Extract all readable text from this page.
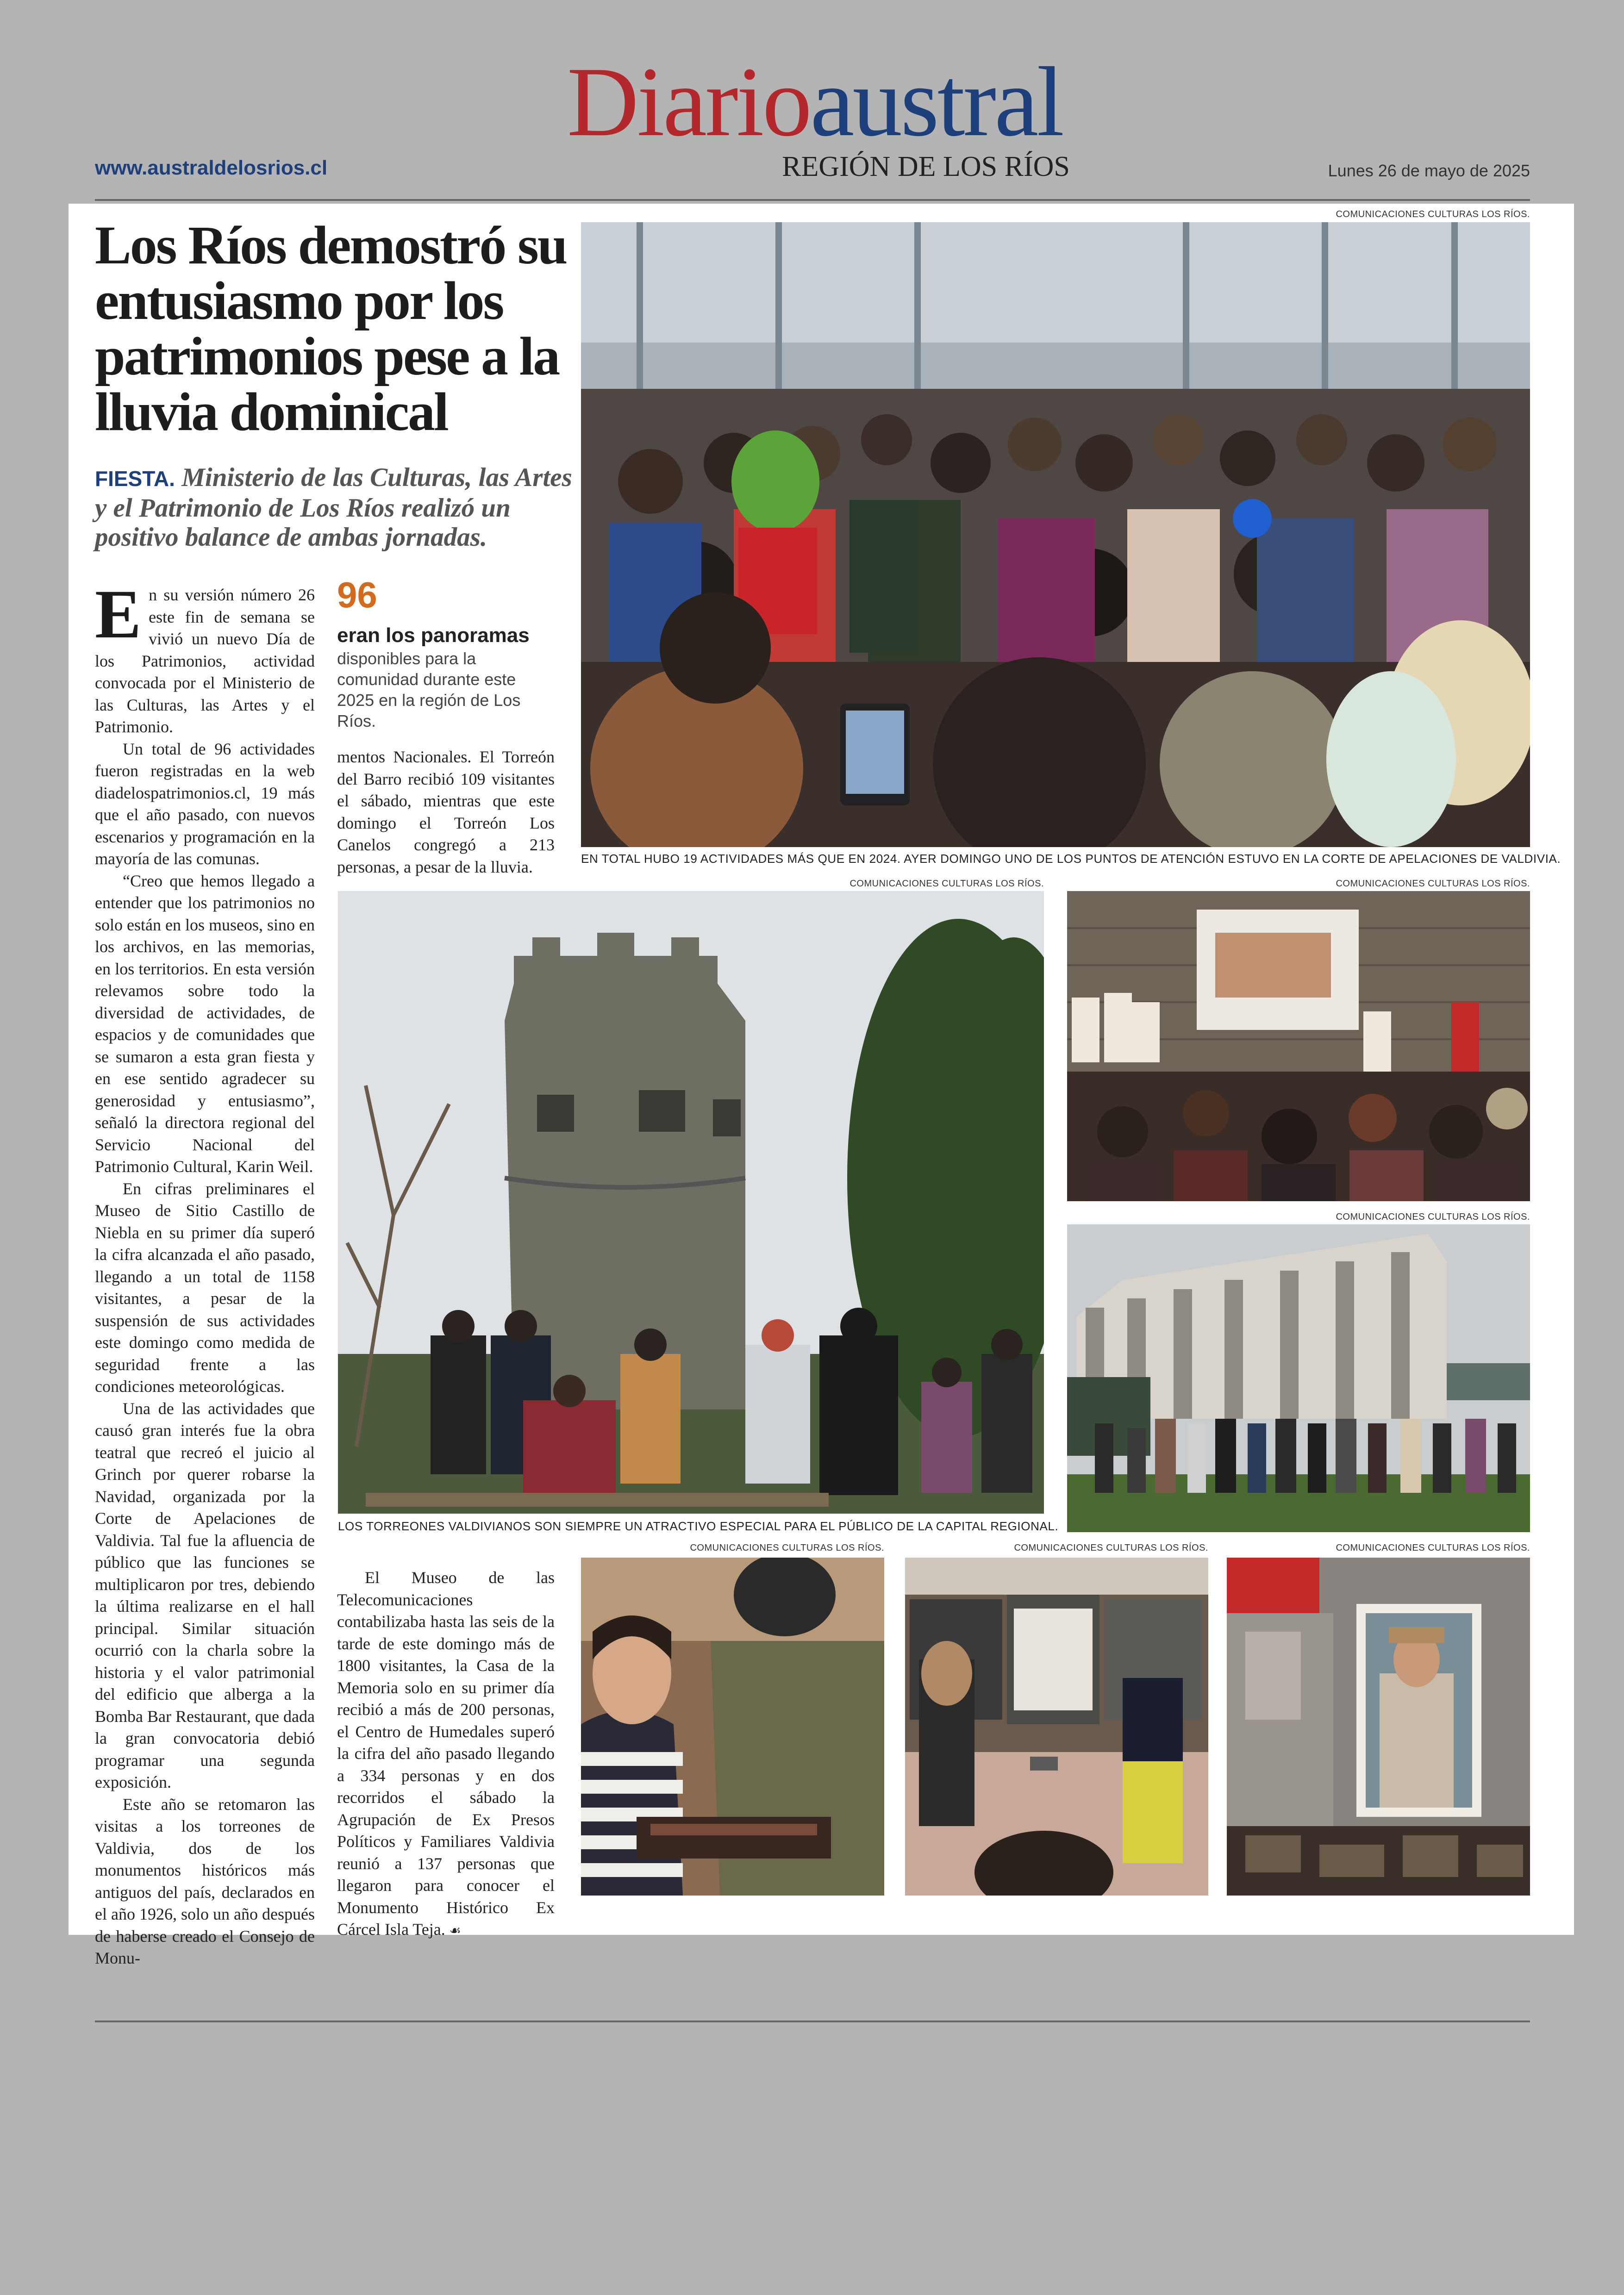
Diarioaustral
REGIÓN DE LOS RÍOS
www.australdelosrios.cl	Lunes 26 de mayo de 2025
Los Ríos demostró su entusiasmo por los patrimonios pese a la lluvia dominical
FIESTA. Ministerio de las Culturas, las Artes y el Patrimonio de Los Ríos realizó un positivo balance de ambas jornadas.

En su versión número 26 este fin de semana se vivió un nuevo Día de los Patrimonios, actividad convocada por el Ministerio de las Culturas, las Artes y el Patrimonio.

Un total de 96 actividades fueron registradas en la web diadelospatrimonios.cl, 19 más que el año pasado, con nuevos escenarios y programación en la mayoría de las comunas.

“Creo que hemos llegado a entender que los patrimonios no solo están en los museos, sino en los archivos, en las memorias, en los territorios. En esta versión relevamos sobre todo la diversidad de actividades, de espacios y de comunidades que se sumaron a esta gran fiesta y en ese sentido agradecer su generosidad y entusiasmo”, señaló la directora regional del Servicio Nacional del Patrimonio Cultural, Karin Weil.

En cifras preliminares el Museo de Sitio Castillo de Niebla en su primer día superó la cifra alcanzada el año pasado, llegando a un total de 1158 visitantes, a pesar de la suspensión de sus actividades este domingo como medida de seguridad frente a las condiciones meteorológicas.

Una de las actividades que causó gran interés fue la obra teatral que recreó el juicio al Grinch por querer robarse la Navidad, organizada por la Corte de Apelaciones de Valdivia. Tal fue la afluencia de público que las funciones se multiplicaron por tres, debiendo la última realizarse en el hall principal. Similar situación ocurrió con la charla sobre la historia y el valor patrimonial del edificio que alberga a la Bomba Bar Restaurant, que dada la gran convocatoria debió programar una segunda exposición.

Este año se retomaron las visitas a los torreones de Valdivia, dos de los monumentos históricos más antiguos del país, declarados en el año 1926, solo un año después de haberse creado el Consejo de Monu-

96
eran los panoramas
disponibles para la comunidad durante este 2025 en la región de Los Ríos.

mentos Nacionales. El Torreón del Barro recibió 109 visitantes el sábado, mientras que este domingo el Torreón Los Canelos congregó a 213 personas, a pesar de la lluvia.

El Museo de las Telecomunicaciones contabilizaba hasta las seis de la tarde de este domingo más de 1800 visitantes, la Casa de la Memoria solo en su primer día recibió a más de 200 personas, el Centro de Humedales superó la cifra del año pasado llegando a 334 personas y en dos recorridos el sábado la Agrupación de Ex Presos Políticos y Familiares Valdivia reunió a 137 personas que llegaron para conocer el Monumento Histórico Ex Cárcel Isla Teja. ☙

COMUNICACIONES CULTURAS LOS RÍOS.
EN TOTAL HUBO 19 ACTIVIDADES MÁS QUE EN 2024. AYER DOMINGO UNO DE LOS PUNTOS DE ATENCIÓN ESTUVO EN LA CORTE DE APELACIONES DE VALDIVIA.
COMUNICACIONES CULTURAS LOS RÍOS.
LOS TORREONES VALDIVIANOS SON SIEMPRE UN ATRACTIVO ESPECIAL PARA EL PÚBLICO DE LA CAPITAL REGIONAL.
COMUNICACIONES CULTURAS LOS RÍOS.
COMUNICACIONES CULTURAS LOS RÍOS.
COMUNICACIONES CULTURAS LOS RÍOS.	COMUNICACIONES CULTURAS LOS RÍOS.	COMUNICACIONES CULTURAS LOS RÍOS.
